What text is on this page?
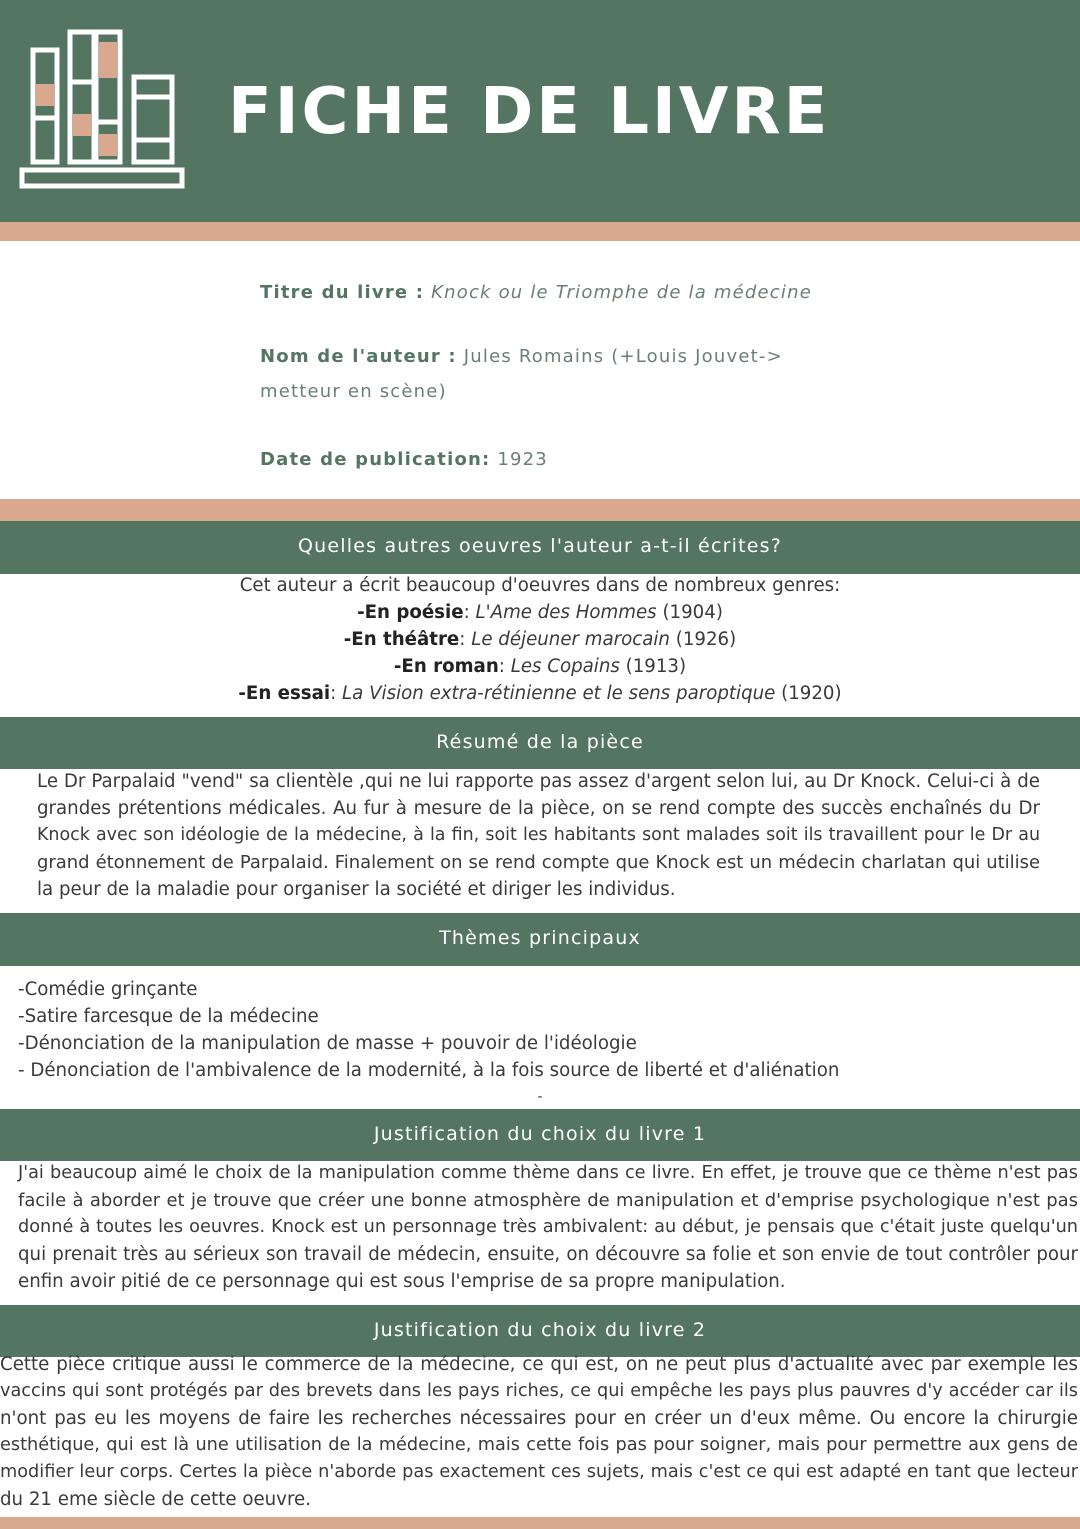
FICHE DE LIVRE
Titre du livre : Knock ou le Triomphe de la médecine
Nom de l'auteur : Jules Romains (+Louis Jouvet->
metteur en scène)
Date de publication: 1923
Quelles autres oeuvres l'auteur a-t-il écrites?
Cet auteur a écrit beaucoup d'oeuvres dans de nombreux genres:
-En poésie: L'Ame des Hommes (1904)
-En théâtre: Le déjeuner marocain (1926)
-En roman: Les Copains (1913)
-En essai: La Vision extra-rétinienne et le sens paroptique (1920)
Résumé de la pièce
Le Dr Parpalaid "vend" sa clientèle ,qui ne lui rapporte pas assez d'argent selon lui, au Dr Knock. Celui-ci à de
grandes prétentions médicales. Au fur à mesure de la pièce, on se rend compte des succès enchaînés du Dr
Knock avec son idéologie de la médecine, à la fin, soit les habitants sont malades soit ils travaillent pour le Dr au
grand étonnement de Parpalaid. Finalement on se rend compte que Knock est un médecin charlatan qui utilise
la peur de la maladie pour organiser la société et diriger les individus.
Thèmes principaux
-Comédie grinçante
-Satire farcesque de la médecine
-Dénonciation de la manipulation de masse + pouvoir de l'idéologie
- Dénonciation de l'ambivalence de la modernité, à la fois source de liberté et d'aliénation
-
Justification du choix du livre 1
J'ai beaucoup aimé le choix de la manipulation comme thème dans ce livre. En effet, je trouve que ce thème n'est pas
facile à aborder et je trouve que créer une bonne atmosphère de manipulation et d'emprise psychologique n'est pas
donné à toutes les oeuvres. Knock est un personnage très ambivalent: au début, je pensais que c'était juste quelqu'un
qui prenait très au sérieux son travail de médecin, ensuite, on découvre sa folie et son envie de tout contrôler pour
enfin avoir pitié de ce personnage qui est sous l'emprise de sa propre manipulation.
Justification du choix du livre 2
Cette pièce critique aussi le commerce de la médecine, ce qui est, on ne peut plus d'actualité avec par exemple les
vaccins qui sont protégés par des brevets dans les pays riches, ce qui empêche les pays plus pauvres d'y accéder car ils
n'ont pas eu les moyens de faire les recherches nécessaires pour en créer un d'eux même. Ou encore la chirurgie
esthétique, qui est là une utilisation de la médecine, mais cette fois pas pour soigner, mais pour permettre aux gens de
modifier leur corps. Certes la pièce n'aborde pas exactement ces sujets, mais c'est ce qui est adapté en tant que lecteur
du 21 eme siècle de cette oeuvre.
